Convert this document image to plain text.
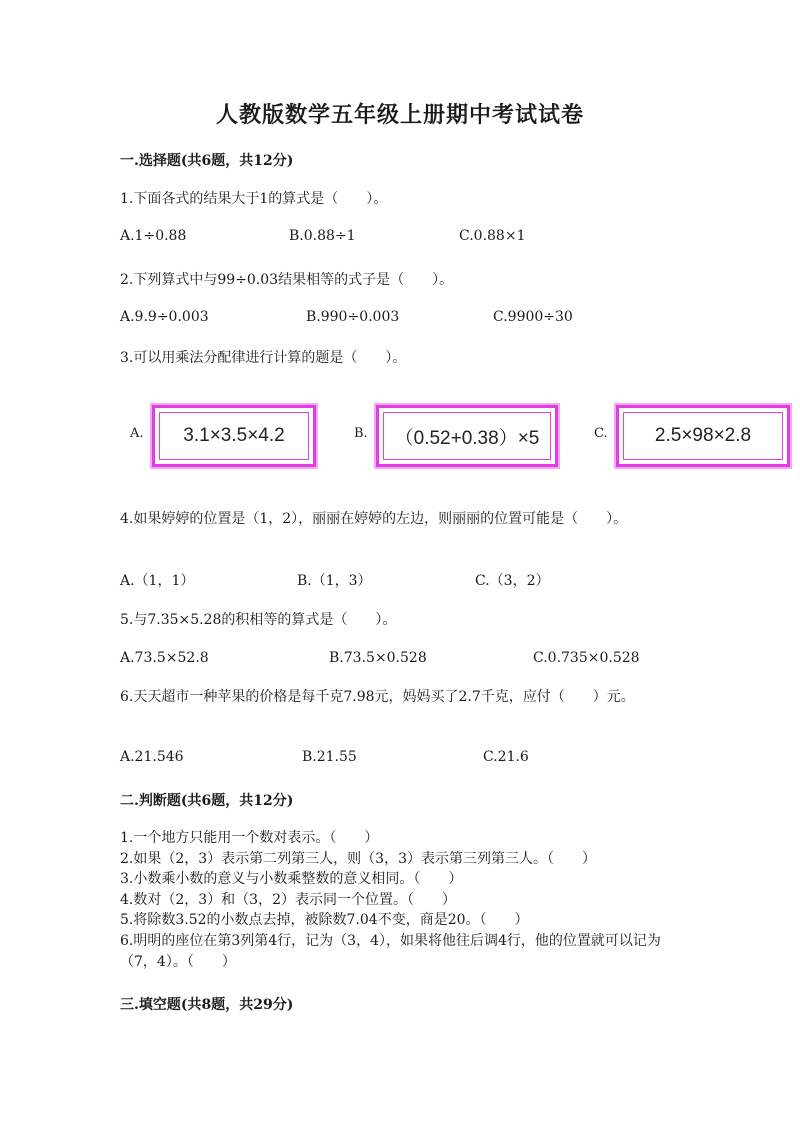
人教版数学五年级上册期中考试试卷
一.选择题(共6题，共12分)
1.下面各式的结果大于1的算式是（　　）。
A.1÷0.88	B.0.88÷1	C.0.88×1
2.下列算式中与99÷0.03结果相等的式子是（　　）。
A.9.9÷0.003	B.990÷0.003	C.9900÷30
3.可以用乘法分配律进行计算的题是（　　）。
A.	3.1×3.5×4.2	B.	（0.52+0.38）×5	C.	2.5×98×2.8
4.如果婷婷的位置是（1，2），丽丽在婷婷的左边，则丽丽的位置可能是（　　）。
A.（1，1）	B.（1，3）	C.（3，2）
5.与7.35×5.28的积相等的算式是（　　）。
A.73.5×52.8	B.73.5×0.528	C.0.735×0.528
6.天天超市一种苹果的价格是每千克7.98元，妈妈买了2.7千克，应付（　　）元。
A.21.546	B.21.55	C.21.6
二.判断题(共6题，共12分)
1.一个地方只能用一个数对表示。（　　）
2.如果（2，3）表示第二列第三人，则（3，3）表示第三列第三人。（　　）
3.小数乘小数的意义与小数乘整数的意义相同。（　　）
4.数对（2，3）和（3，2）表示同一个位置。（　　）
5.将除数3.52的小数点去掉，被除数7.04不变，商是20。（　　）
6.明明的座位在第3列第4行，记为（3，4），如果将他往后调4行，他的位置就可以记为（7，4）。（　　）
三.填空题(共8题，共29分)
